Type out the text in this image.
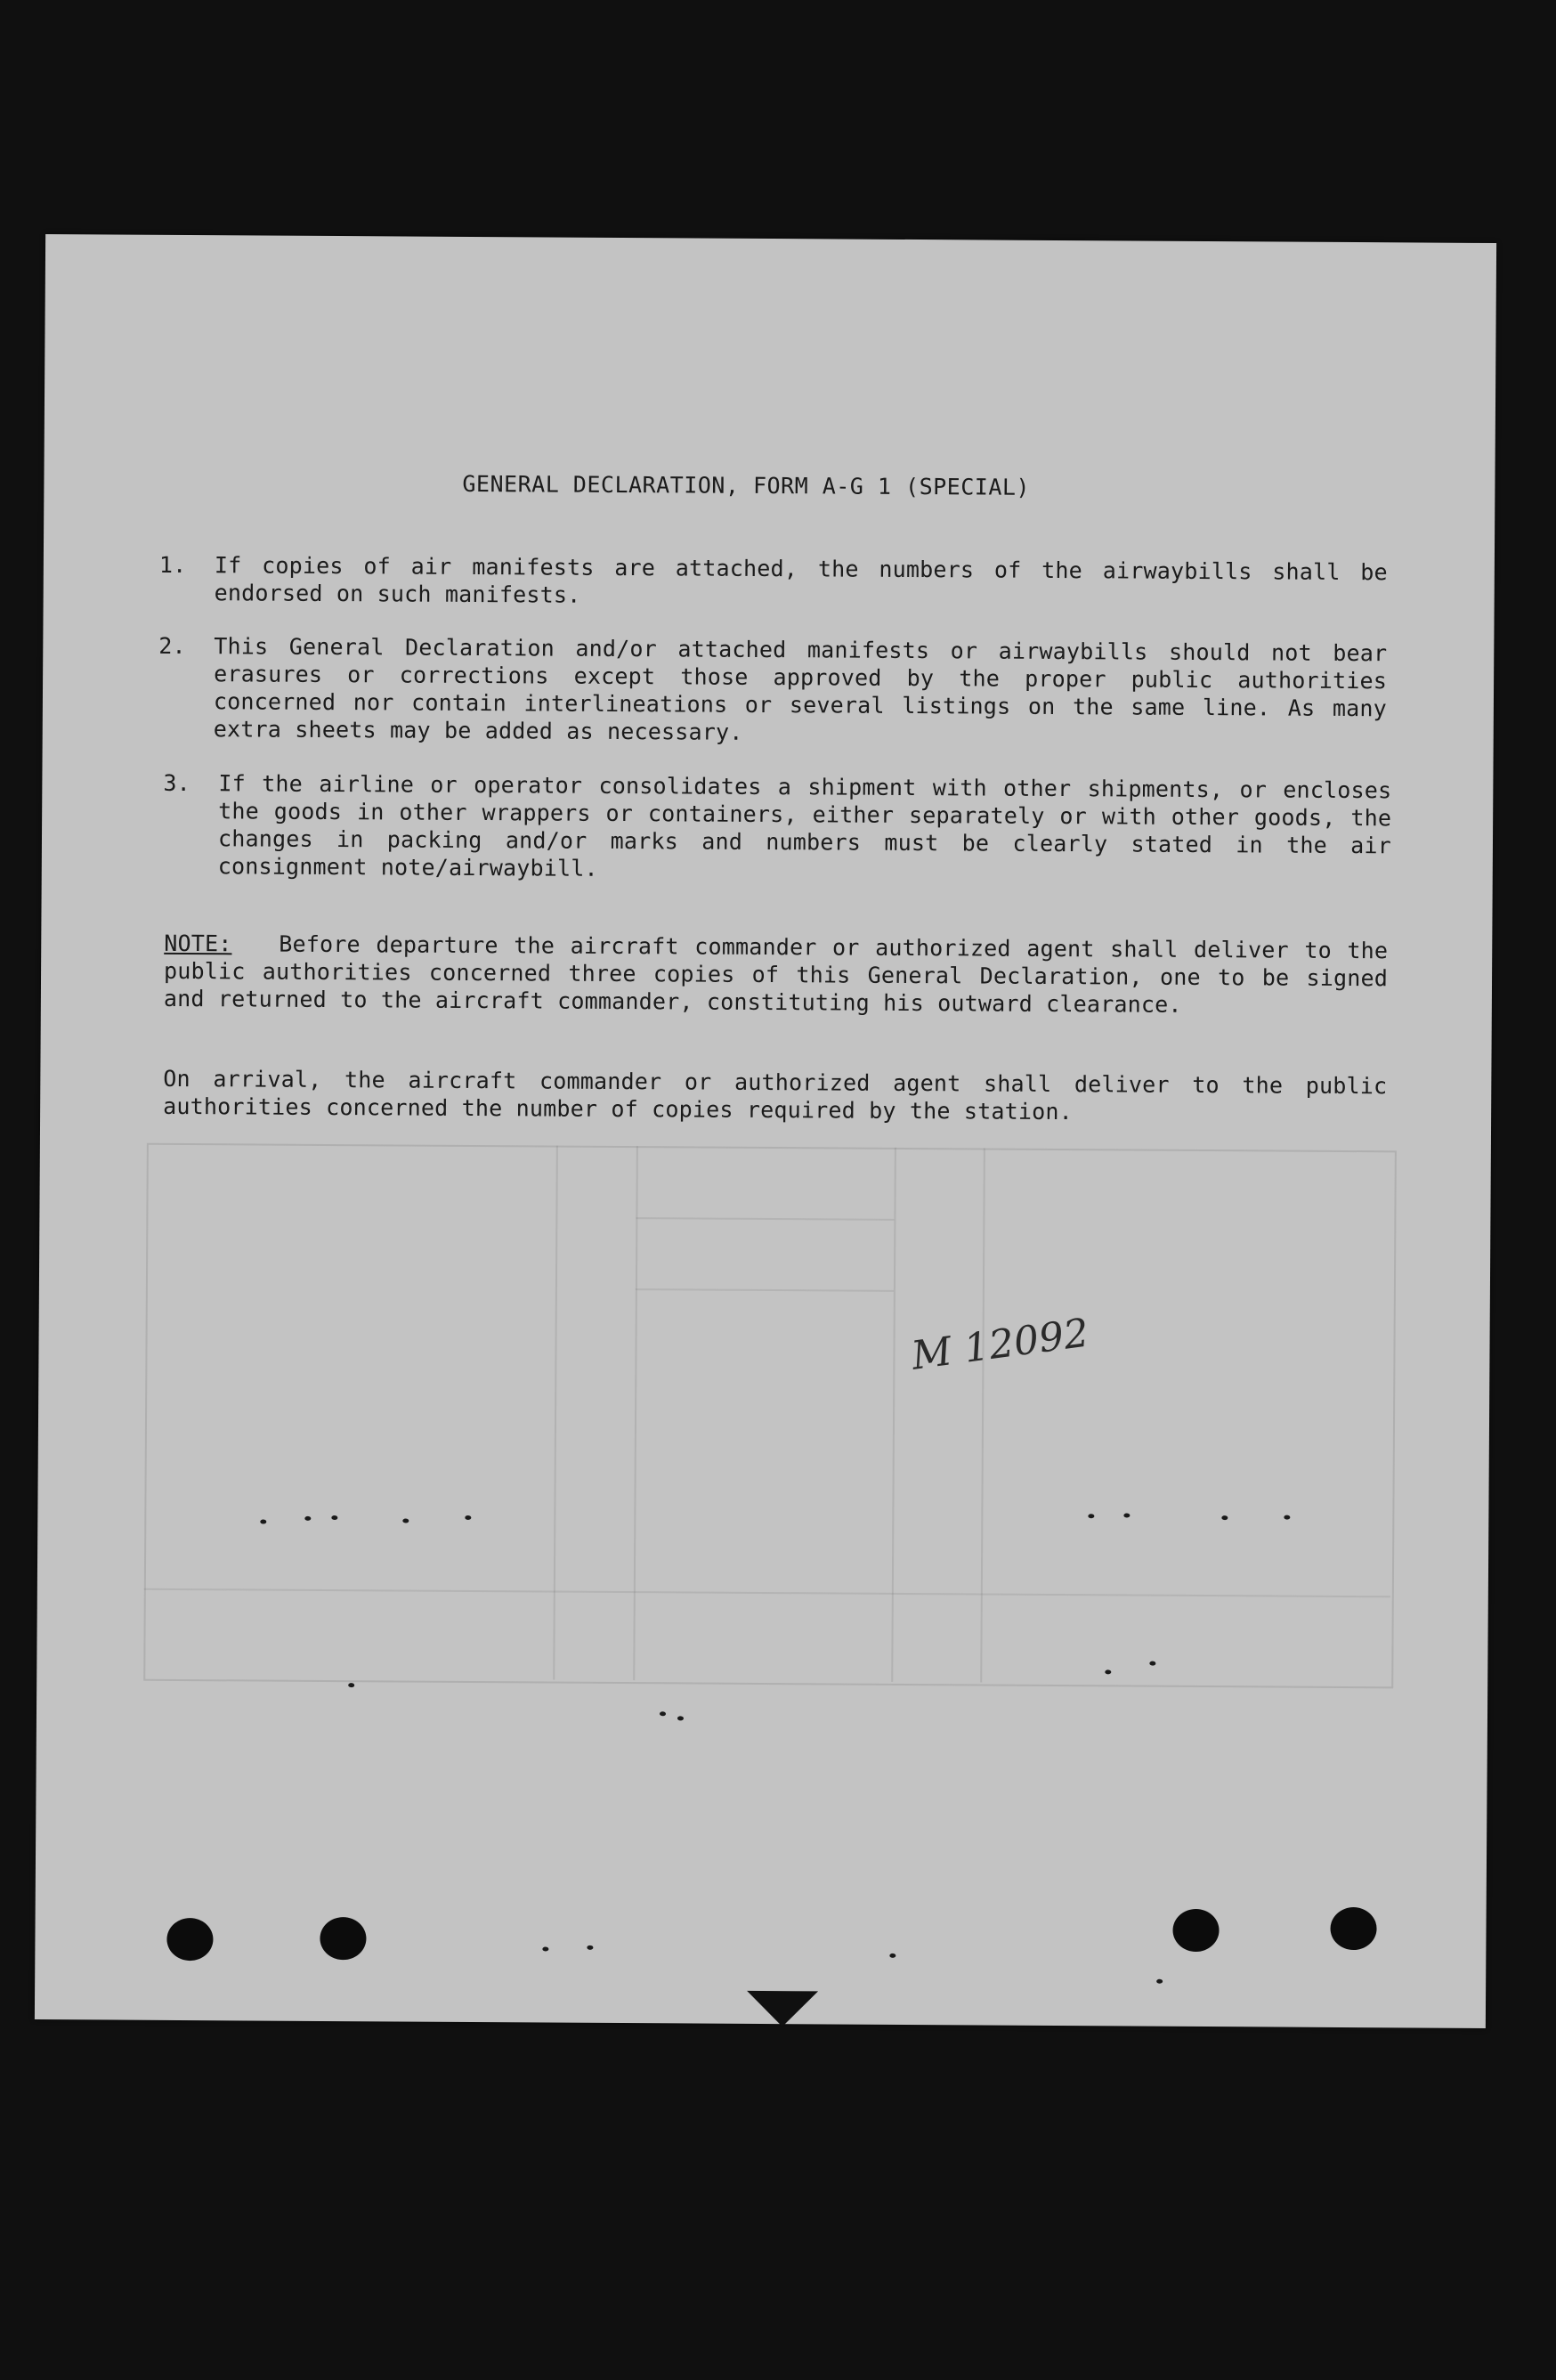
GENERAL DECLARATION, FORM A-G 1 (SPECIAL)
1.	If copies of air manifests are attached, the numbers of the airwaybills shall be endorsed on such manifests.
2.	This General Declaration and/or attached manifests or airwaybills should not bear erasures or corrections except those approved by the proper public authorities concerned nor contain interlineations or several listings on the same line. As many extra sheets may be added as necessary.
3.	If the airline or operator consolidates a shipment with other shipments, or encloses the goods in other wrappers or containers, either separately or with other goods, the changes in packing and/or marks and numbers must be clearly stated in the air consignment note/airwaybill.
NOTE: Before departure the aircraft commander or authorized agent shall deliver to the public authorities concerned three copies of this General Declaration, one to be signed and returned to the aircraft commander, constituting his outward clearance.
On arrival, the aircraft commander or authorized agent shall deliver to the public authorities concerned the number of copies required by the station.
M 12092
